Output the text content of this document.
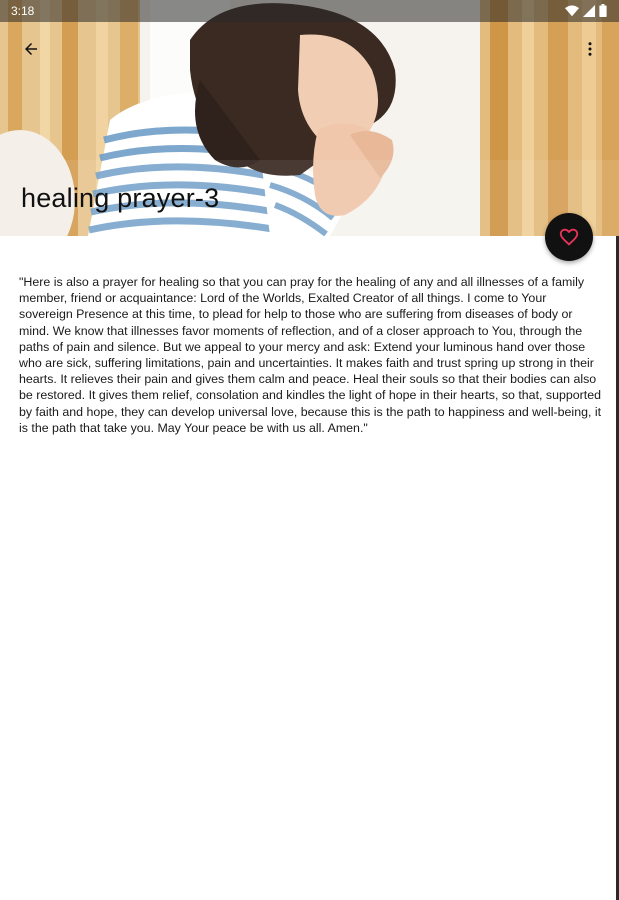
healing prayer-3
3:18

"Here is also a prayer for healing so that you can pray for the healing of any and all illnesses of a family member, friend or acquaintance: Lord of the Worlds, Exalted Creator of all things. I come to Your sovereign Presence at this time, to plead for help to those who are suffering from diseases of body or mind. We know that illnesses favor moments of reflection, and of a closer approach to You, through the paths of pain and silence. But we appeal to your mercy and ask: Extend your luminous hand over those who are sick, suffering limitations, pain and uncertainties. It makes faith and trust spring up strong in their hearts. It relieves their pain and gives them calm and peace. Heal their souls so that their bodies can also be restored. It gives them relief, consolation and kindles the light of hope in their hearts, so that, supported by faith and hope, they can develop universal love, because this is the path to happiness and well-being, it is the path that take you. May Your peace be with us all. Amen."
